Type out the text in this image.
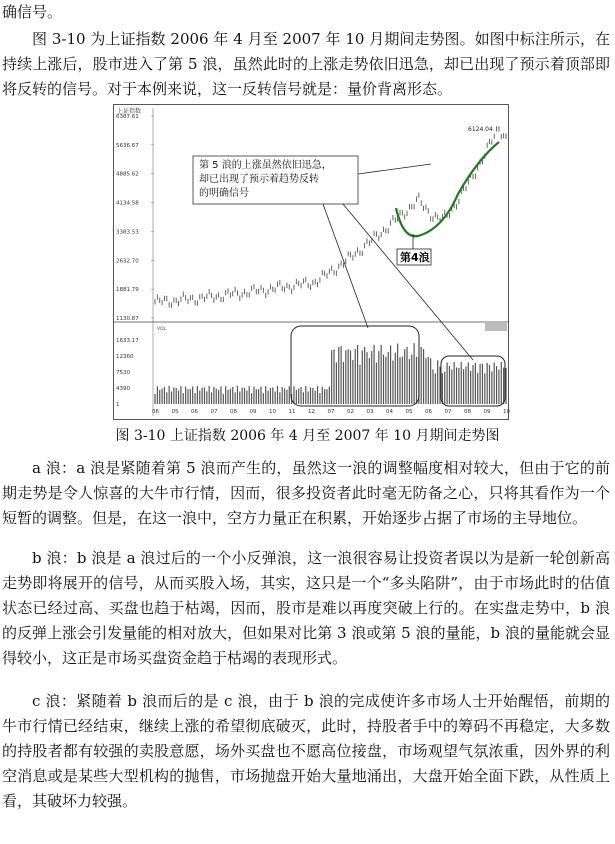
确信号。

图 3-10 为上证指数 2006 年 4 月至 2007 年 10 月期间走势图。如图中标注所示，在持续上涨后，股市进入了第 5 浪，虽然此时的上涨走势依旧迅急，却已出现了预示着顶部即将反转的信号。对于本例来说，这一反转信号就是：量价背离形态。

上证指数
6387.61
5636.67
4885.62
4134.58
3383.53
2632.70
1881.79
1130.87
1633.17
12360
7530
4390
1
VOL
06 05 06 07 08 09 10 11 12 07 02 03 04 05 06 07 08 09 10
6124.04
第 5 浪的上涨虽然依旧迅急，
却已出现了预示着趋势反转
的明确信号
第4浪
图 3-10 上证指数 2006 年 4 月至 2007 年 10 月期间走势图

a 浪：a 浪是紧随着第 5 浪而产生的，虽然这一浪的调整幅度相对较大，但由于它的前期走势是令人惊喜的大牛市行情，因而，很多投资者此时毫无防备之心，只将其看作为一个短暂的调整。但是，在这一浪中，空方力量正在积累，开始逐步占据了市场的主导地位。

b 浪：b 浪是 a 浪过后的一个小反弹浪，这一浪很容易让投资者误以为是新一轮创新高走势即将展开的信号，从而买股入场，其实，这只是一个“多头陷阱”，由于市场此时的估值状态已经过高、买盘也趋于枯竭，因而，股市是难以再度突破上行的。在实盘走势中，b 浪的反弹上涨会引发量能的相对放大，但如果对比第 3 浪或第 5 浪的量能，b 浪的量能就会显得较小，这正是市场买盘资金趋于枯竭的表现形式。

c 浪：紧随着 b 浪而后的是 c 浪，由于 b 浪的完成使许多市场人士开始醒悟，前期的牛市行情已经结束，继续上涨的希望彻底破灭，此时，持股者手中的筹码不再稳定，大多数的持股者都有较强的卖股意愿，场外买盘也不愿高位接盘，市场观望气氛浓重，因外界的利空消息或是某些大型机构的抛售，市场抛盘开始大量地涌出，大盘开始全面下跌，从性质上看，其破坏力较强。
